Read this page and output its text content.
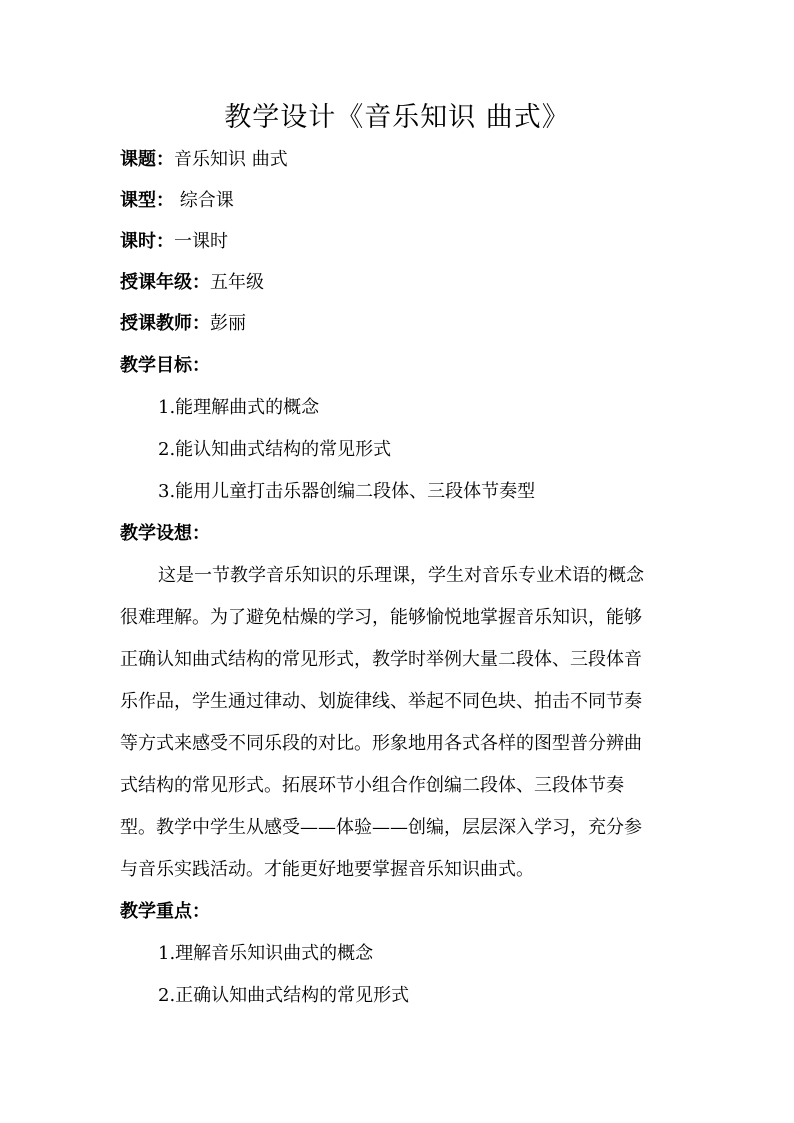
教学设计《音乐知识 曲式》
课题：音乐知识 曲式
课型： 综合课
课时：一课时
授课年级：五年级
授课教师：彭丽
教学目标：
1.能理解曲式的概念
2.能认知曲式结构的常见形式
3.能用儿童打击乐器创编二段体、三段体节奏型
教学设想：
这是一节教学音乐知识的乐理课，学生对音乐专业术语的概念
很难理解。为了避免枯燥的学习，能够愉悦地掌握音乐知识，能够
正确认知曲式结构的常见形式，教学时举例大量二段体、三段体音
乐作品，学生通过律动、划旋律线、举起不同色块、拍击不同节奏
等方式来感受不同乐段的对比。形象地用各式各样的图型普分辨曲
式结构的常见形式。拓展环节小组合作创编二段体、三段体节奏
型。教学中学生从感受——体验——创编，层层深入学习，充分参
与音乐实践活动。才能更好地要掌握音乐知识曲式。
教学重点：
1.理解音乐知识曲式的概念
2.正确认知曲式结构的常见形式
